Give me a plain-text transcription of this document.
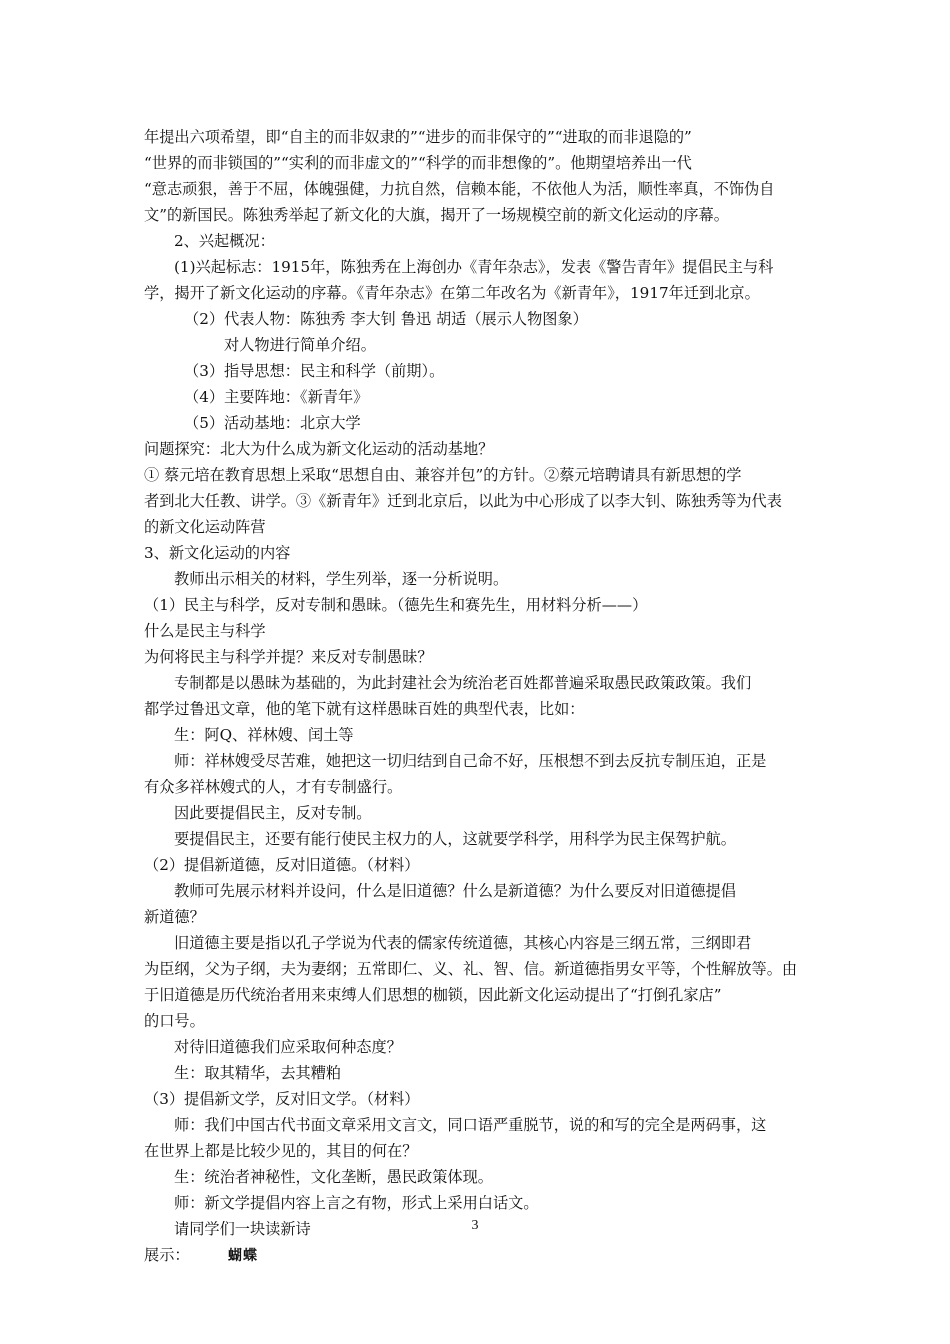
年提出六项希望，即“自主的而非奴隶的”“进步的而非保守的”“进取的而非退隐的”
“世界的而非锁国的”“实利的而非虚文的”“科学的而非想像的”。他期望培养出一代
“意志顽狠，善于不屈，体魄强健，力抗自然，信赖本能，不依他人为活，顺性率真，不饰伪自
文”的新国民。陈独秀举起了新文化的大旗，揭开了一场规模空前的新文化运动的序幕。
2、兴起概况：
(1)兴起标志：1915年，陈独秀在上海创办《青年杂志》，发表《警告青年》提倡民主与科
学，揭开了新文化运动的序幕。《青年杂志》在第二年改名为《新青年》，1917年迁到北京。
（2）代表人物：陈独秀 李大钊 鲁迅 胡适（展示人物图象）
对人物进行简单介绍。
（3）指导思想：民主和科学（前期）。
（4）主要阵地：《新青年》
（5）活动基地：北京大学
问题探究：北大为什么成为新文化运动的活动基地？
① 蔡元培在教育思想上采取“思想自由、兼容并包”的方针。②蔡元培聘请具有新思想的学
者到北大任教、讲学。③《新青年》迁到北京后，以此为中心形成了以李大钊、陈独秀等为代表
的新文化运动阵营
3、新文化运动的内容
教师出示相关的材料，学生列举，逐一分析说明。
（1）民主与科学，反对专制和愚昧。（德先生和赛先生，用材料分析——）
什么是民主与科学
为何将民主与科学并提？来反对专制愚昧？
专制都是以愚昧为基础的，为此封建社会为统治老百姓都普遍采取愚民政策政策。我们
都学过鲁迅文章，他的笔下就有这样愚昧百姓的典型代表，比如：
生：阿Q、祥林嫂、闰土等
师：祥林嫂受尽苦难，她把这一切归结到自己命不好，压根想不到去反抗专制压迫，正是
有众多祥林嫂式的人，才有专制盛行。
因此要提倡民主，反对专制。
要提倡民主，还要有能行使民主权力的人，这就要学科学，用科学为民主保驾护航。
（2）提倡新道德，反对旧道德。（材料）
教师可先展示材料并设问，什么是旧道德？什么是新道德？为什么要反对旧道德提倡
新道德？
旧道德主要是指以孔子学说为代表的儒家传统道德，其核心内容是三纲五常，三纲即君
为臣纲，父为子纲，夫为妻纲；五常即仁、义、礼、智、信。新道德指男女平等，个性解放等。由
于旧道德是历代统治者用来束缚人们思想的枷锁，因此新文化运动提出了“打倒孔家店”
的口号。
对待旧道德我们应采取何种态度？
生：取其精华，去其糟粕
（3）提倡新文学，反对旧文学。（材料）
师：我们中国古代书面文章采用文言文，同口语严重脱节，说的和写的完全是两码事，这
在世界上都是比较少见的，其目的何在？
生：统治者神秘性，文化垄断，愚民政策体现。
师：新文学提倡内容上言之有物，形式上采用白话文。
请同学们一块读新诗
展示：	蝴蝶
3
